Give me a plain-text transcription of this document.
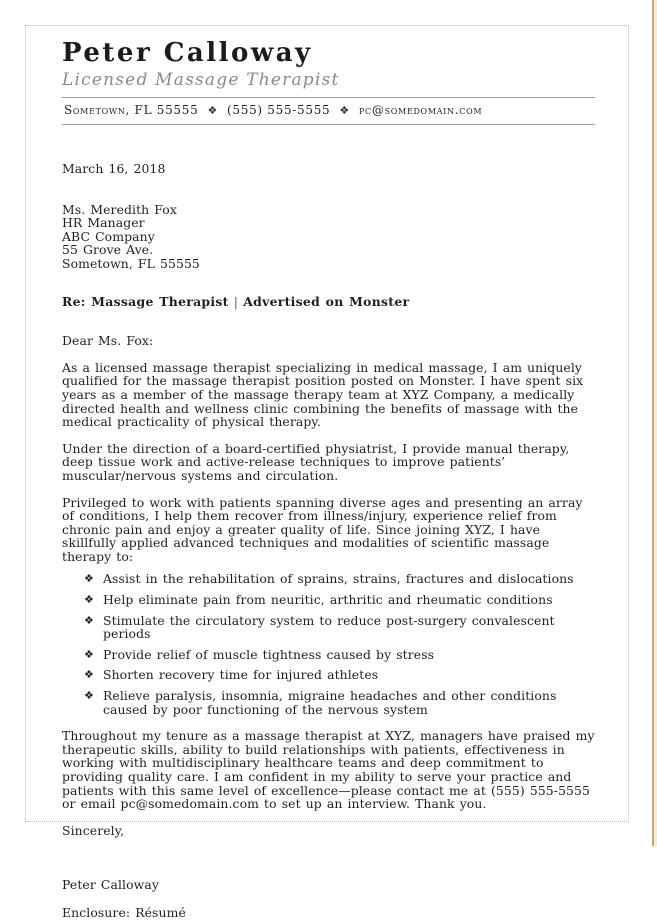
Peter Calloway
Licensed Massage Therapist
Sometown, FL 55555 ❖ (555) 555-5555 ❖ pc@somedomain.com

March 16, 2018

Ms. Meredith Fox
HR Manager
ABC Company
55 Grove Ave.
Sometown, FL 55555

Re: Massage Therapist | Advertised on Monster

Dear Ms. Fox:

As a licensed massage therapist specializing in medical massage, I am uniquely qualified for the massage therapist position posted on Monster. I have spent six years as a member of the massage therapy team at XYZ Company, a medically directed health and wellness clinic combining the benefits of massage with the medical practicality of physical therapy.

Under the direction of a board-certified physiatrist, I provide manual therapy, deep tissue work and active-release techniques to improve patients’ muscular/nervous systems and circulation.

Privileged to work with patients spanning diverse ages and presenting an array of conditions, I help them recover from illness/injury, experience relief from chronic pain and enjoy a greater quality of life. Since joining XYZ, I have skillfully applied advanced techniques and modalities of scientific massage therapy to:

❖ Assist in the rehabilitation of sprains, strains, fractures and dislocations
❖ Help eliminate pain from neuritic, arthritic and rheumatic conditions
❖ Stimulate the circulatory system to reduce post-surgery convalescent periods
❖ Provide relief of muscle tightness caused by stress
❖ Shorten recovery time for injured athletes
❖ Relieve paralysis, insomnia, migraine headaches and other conditions caused by poor functioning of the nervous system

Throughout my tenure as a massage therapist at XYZ, managers have praised my therapeutic skills, ability to build relationships with patients, effectiveness in working with multidisciplinary healthcare teams and deep commitment to providing quality care. I am confident in my ability to serve your practice and patients with this same level of excellence—please contact me at (555) 555-5555 or email pc@somedomain.com to set up an interview. Thank you.

Sincerely,

Peter Calloway

Enclosure: Résumé
